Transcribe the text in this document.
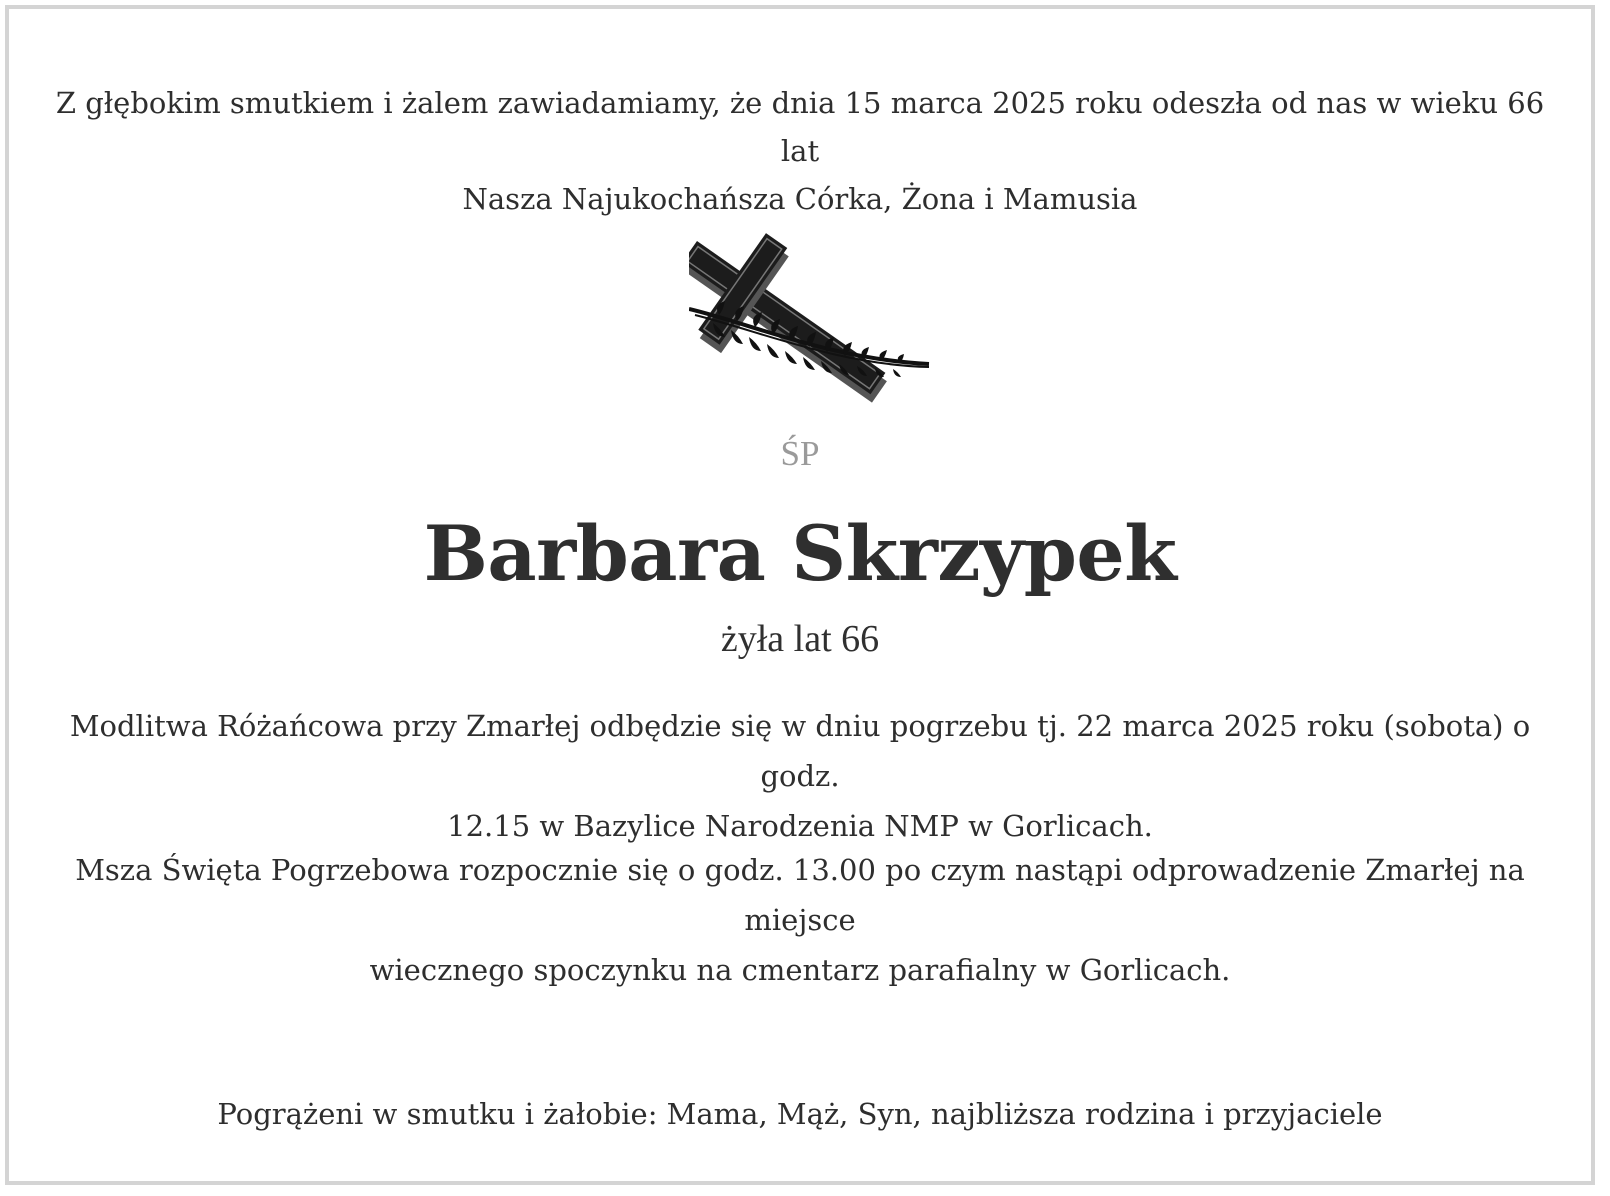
Z głębokim smutkiem i żalem zawiadamiamy, że dnia 15 marca 2025 roku odeszła od nas w wieku 66 lat
Nasza Najukochańsza Córka, Żona i Mamusia
ŚP
Barbara Skrzypek
żyła lat 66
Modlitwa Różańcowa przy Zmarłej odbędzie się w dniu pogrzebu tj. 22 marca 2025 roku (sobota) o godz.
12.15 w Bazylice Narodzenia NMP w Gorlicach.
Msza Święta Pogrzebowa rozpocznie się o godz. 13.00 po czym nastąpi odprowadzenie Zmarłej na miejsce
wiecznego spoczynku na cmentarz parafialny w Gorlicach.
Pogrążeni w smutku i żałobie: Mama, Mąż, Syn, najbliższa rodzina i przyjaciele
